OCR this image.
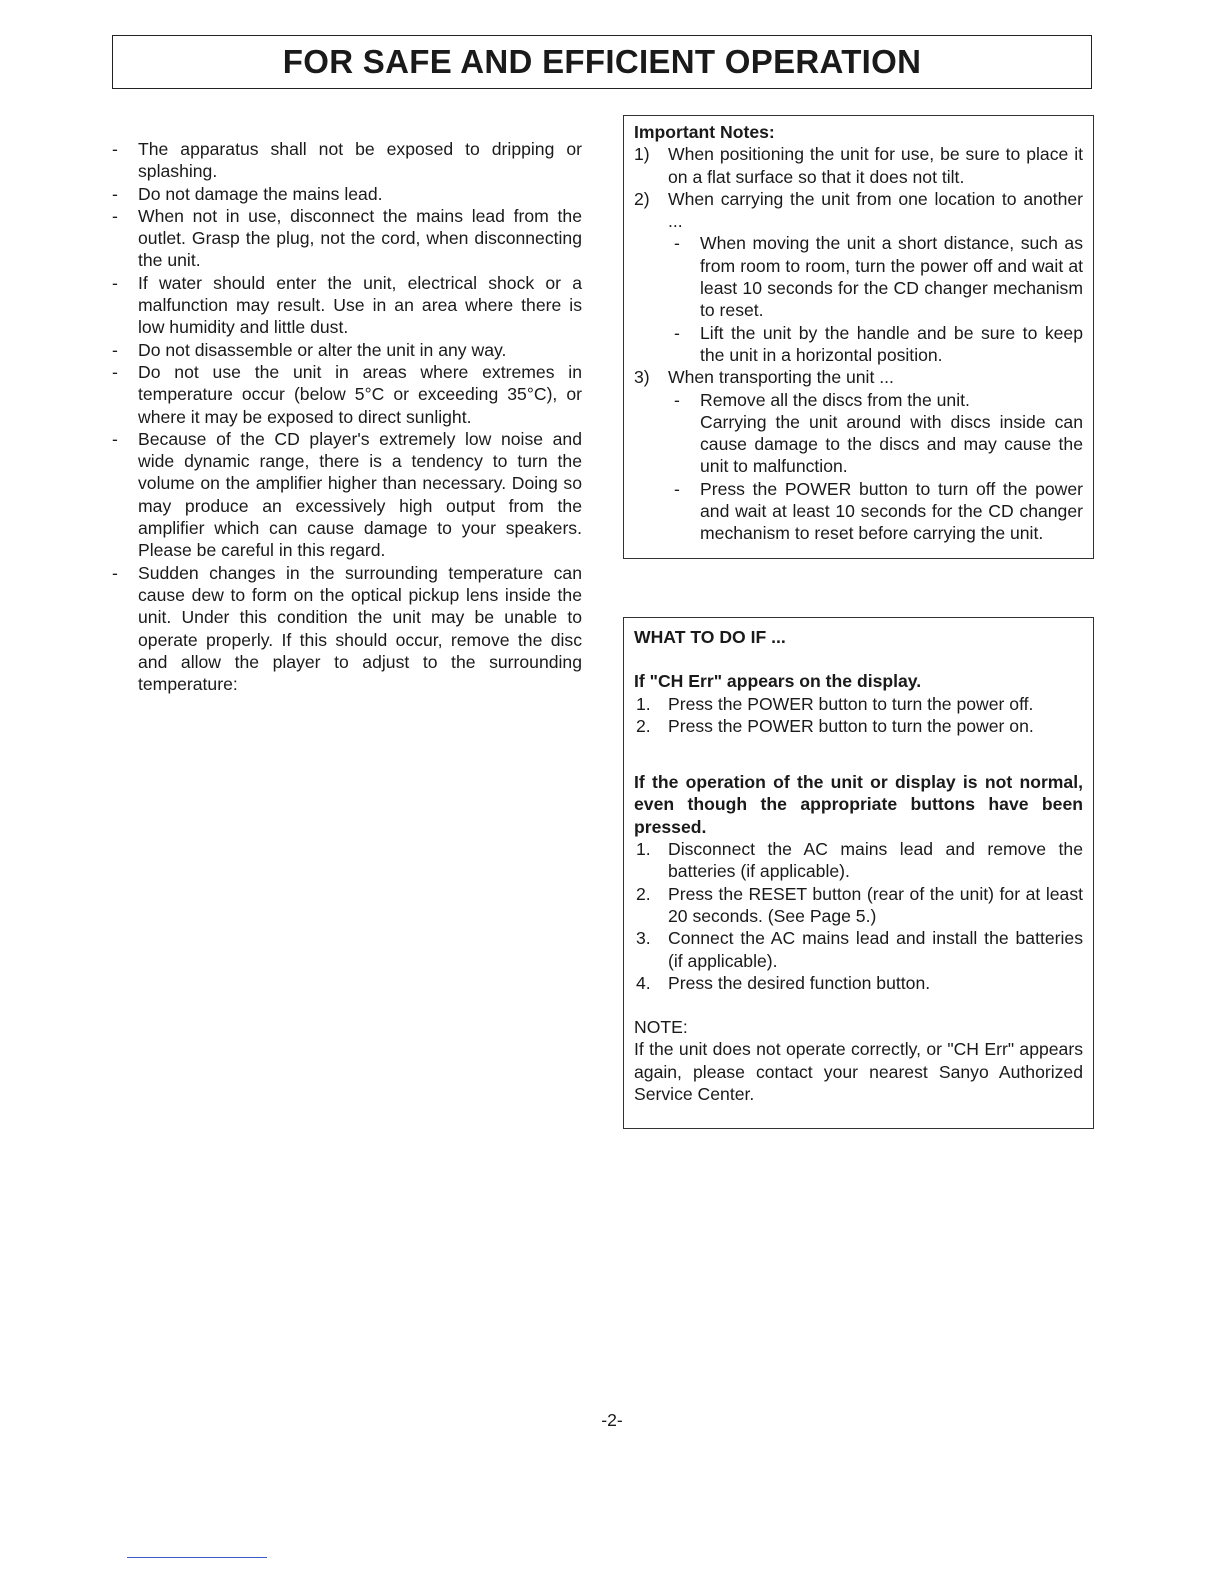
FOR SAFE AND EFFICIENT OPERATION
- The apparatus shall not be exposed to dripping or splashing.
- Do not damage the mains lead.
- When not in use, disconnect the mains lead from the outlet. Grasp the plug, not the cord, when disconnecting the unit.
- If water should enter the unit, electrical shock or a malfunction may result. Use in an area where there is low humidity and little dust.
- Do not disassemble or alter the unit in any way.
- Do not use the unit in areas where extremes in temperature occur (below 5°C or exceeding 35°C), or where it may be exposed to direct sunlight.
- Because of the CD player's extremely low noise and wide dynamic range, there is a tendency to turn the volume on the amplifier higher than necessary. Doing so may produce an excessively high output from the amplifier which can cause damage to your speakers. Please be careful in this regard.
- Sudden changes in the surrounding temperature can cause dew to form on the optical pickup lens inside the unit. Under this condition the unit may be unable to operate properly. If this should occur, remove the disc and allow the player to adjust to the surrounding temperature:
Important Notes:
1) When positioning the unit for use, be sure to place it on a flat surface so that it does not tilt.
2) When carrying the unit from one location to another ...
- When moving the unit a short distance, such as from room to room, turn the power off and wait at least 10 seconds for the CD changer mechanism to reset.
- Lift the unit by the handle and be sure to keep the unit in a horizontal position.
3) When transporting the unit ...
- Remove all the discs from the unit.
Carrying the unit around with discs inside can cause damage to the discs and may cause the unit to malfunction.
- Press the POWER button to turn off the power and wait at least 10 seconds for the CD changer mechanism to reset before carrying the unit.
WHAT TO DO IF ...
If "CH Err" appears on the display.
1. Press the POWER button to turn the power off.
2. Press the POWER button to turn the power on.
If the operation of the unit or display is not normal, even though the appropriate buttons have been pressed.
1. Disconnect the AC mains lead and remove the batteries (if applicable).
2. Press the RESET button (rear of the unit) for at least 20 seconds. (See Page 5.)
3. Connect the AC mains lead and install the batteries (if applicable).
4. Press the desired function button.
NOTE:
If the unit does not operate correctly, or "CH Err" appears again, please contact your nearest Sanyo Authorized Service Center.
-2-
